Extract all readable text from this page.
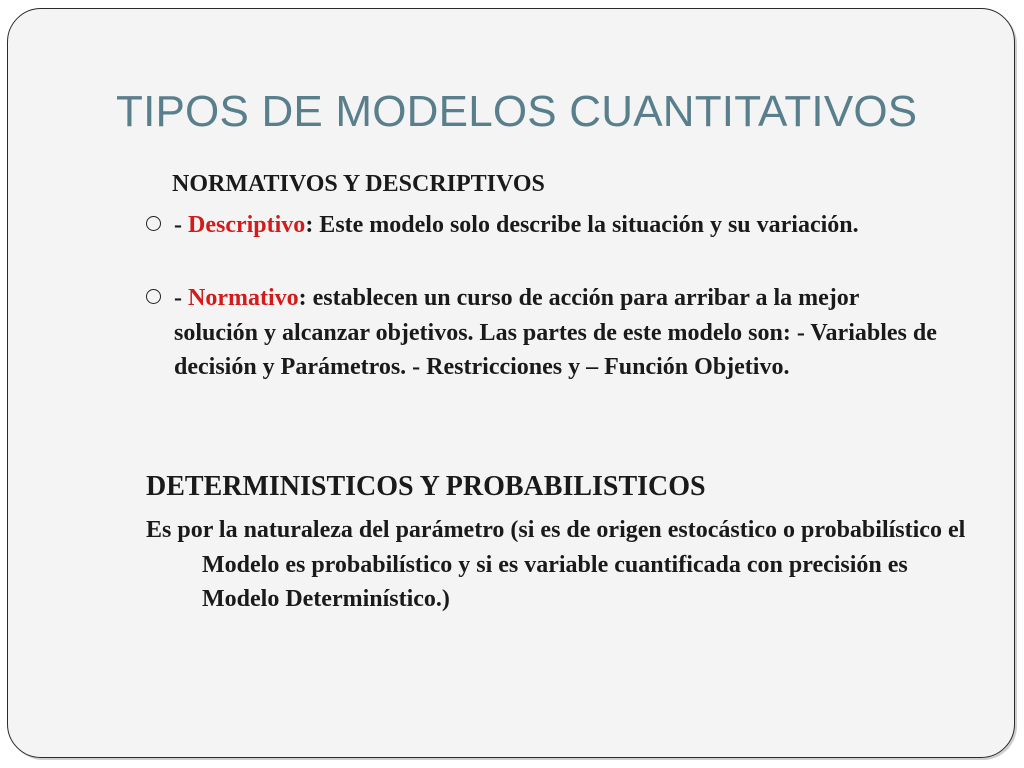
TIPOS DE MODELOS CUANTITATIVOS
NORMATIVOS Y DESCRIPTIVOS
- Descriptivo: Este modelo solo describe la situación y su variación.
- Normativo: establecen un curso de acción para arribar a la mejor solución y alcanzar objetivos. Las partes de este modelo son: - Variables de decisión y Parámetros. - Restricciones y – Función Objetivo.
DETERMINISTICOS Y PROBABILISTICOS
Es por la naturaleza del parámetro (si es de origen estocástico o probabilístico el Modelo es probabilístico y si es variable cuantificada con precisión es Modelo Determinístico.)
